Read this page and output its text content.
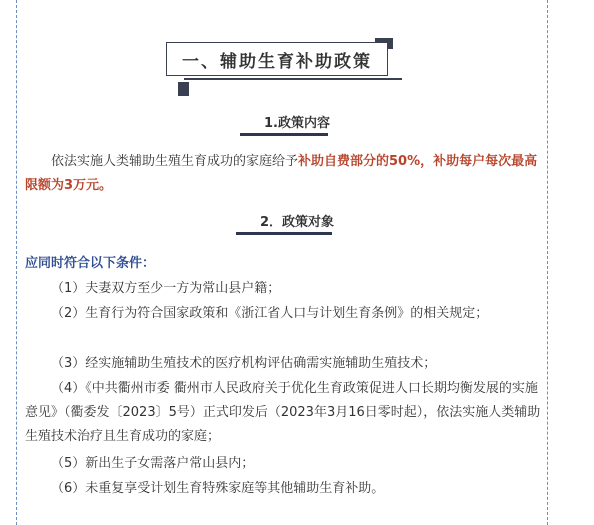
一、辅助生育补助政策
1.政策内容
依法实施人类辅助生殖生育成功的家庭给予补助自费部分的50%，补助每户每次最高限额为3万元。
2．政策对象
应同时符合以下条件：
（1）夫妻双方至少一方为常山县户籍；
（2）生育行为符合国家政策和《浙江省人口与计划生育条例》的相关规定；
（3）经实施辅助生殖技术的医疗机构评估确需实施辅助生殖技术；
（4）《中共衢州市委 衢州市人民政府关于优化生育政策促进人口长期均衡发展的实施意见》（衢委发〔2023〕5号）正式印发后（2023年3月16日零时起），依法实施人类辅助生殖技术治疗且生育成功的家庭；
（5）新出生子女需落户常山县内；
（6）未重复享受计划生育特殊家庭等其他辅助生育补助。
